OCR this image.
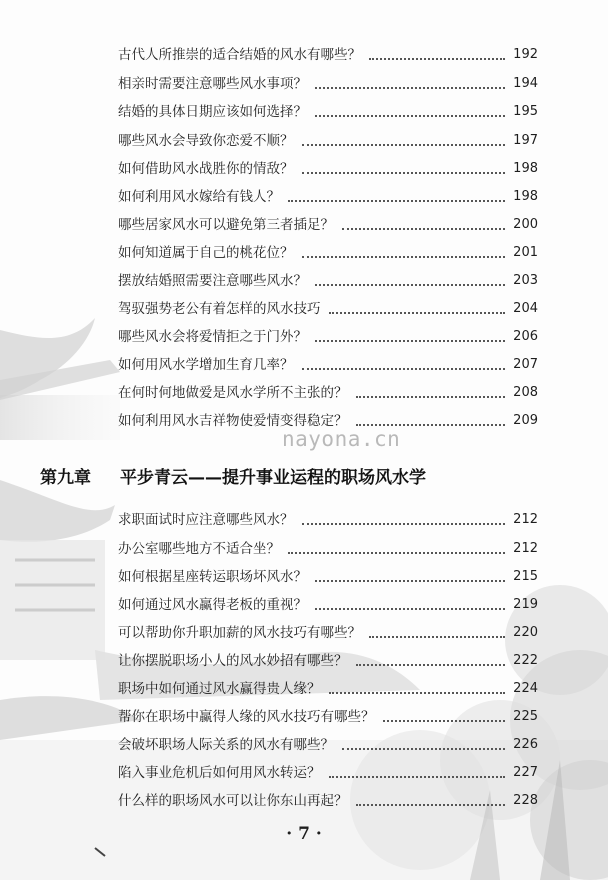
古代人所推崇的适合结婚的风水有哪些？	192
相亲时需要注意哪些风水事项？	194
结婚的具体日期应该如何选择？	195
哪些风水会导致你恋爱不顺？	197
如何借助风水战胜你的情敌？	198
如何利用风水嫁给有钱人？	198
哪些居家风水可以避免第三者插足？	200
如何知道属于自己的桃花位？	201
摆放结婚照需要注意哪些风水？	203
驾驭强势老公有着怎样的风水技巧	204
哪些风水会将爱情拒之于门外？	206
如何用风水学增加生育几率？	207
在何时何地做爱是风水学所不主张的？	208
如何利用风水吉祥物使爱情变得稳定？	209
nayona.cn
第九章 平步青云——提升事业运程的职场风水学
求职面试时应注意哪些风水？	212
办公室哪些地方不适合坐？	212
如何根据星座转运职场坏风水？	215
如何通过风水赢得老板的重视？	219
可以帮助你升职加薪的风水技巧有哪些？	220
让你摆脱职场小人的风水妙招有哪些？	222
职场中如何通过风水赢得贵人缘？	224
帮你在职场中赢得人缘的风水技巧有哪些？	225
会破坏职场人际关系的风水有哪些？	226
陷入事业危机后如何用风水转运？	227
什么样的职场风水可以让你东山再起？	228
· 7 ·
